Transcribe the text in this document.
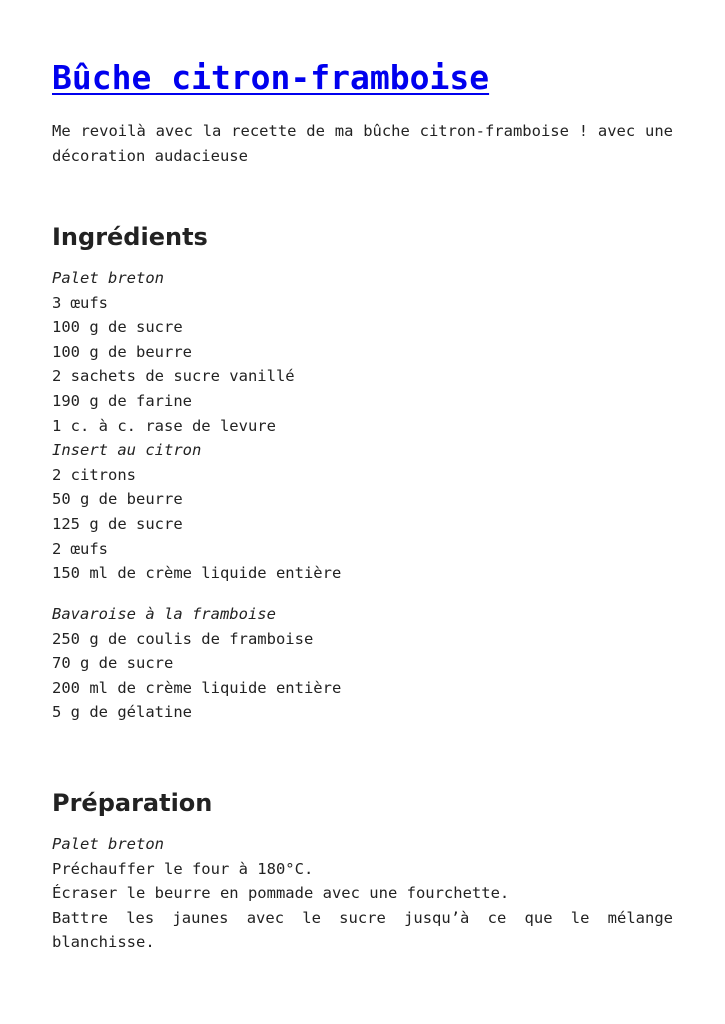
Bûche citron-framboise

Me revoilà avec la recette de ma bûche citron-framboise ! avec une décoration audacieuse

Ingrédients
Palet breton
3 œufs
100 g de sucre
100 g de beurre
2 sachets de sucre vanillé
190 g de farine
1 c. à c. rase de levure
Insert au citron
2 citrons
50 g de beurre
125 g de sucre
2 œufs
150 ml de crème liquide entière
Bavaroise à la framboise
250 g de coulis de framboise
70 g de sucre
200 ml de crème liquide entière
5 g de gélatine
Préparation
Palet breton
Préchauffer le four à 180°C.
Écraser le beurre en pommade avec une fourchette.
Battre les jaunes avec le sucre jusqu’à ce que le mélange blanchisse.
